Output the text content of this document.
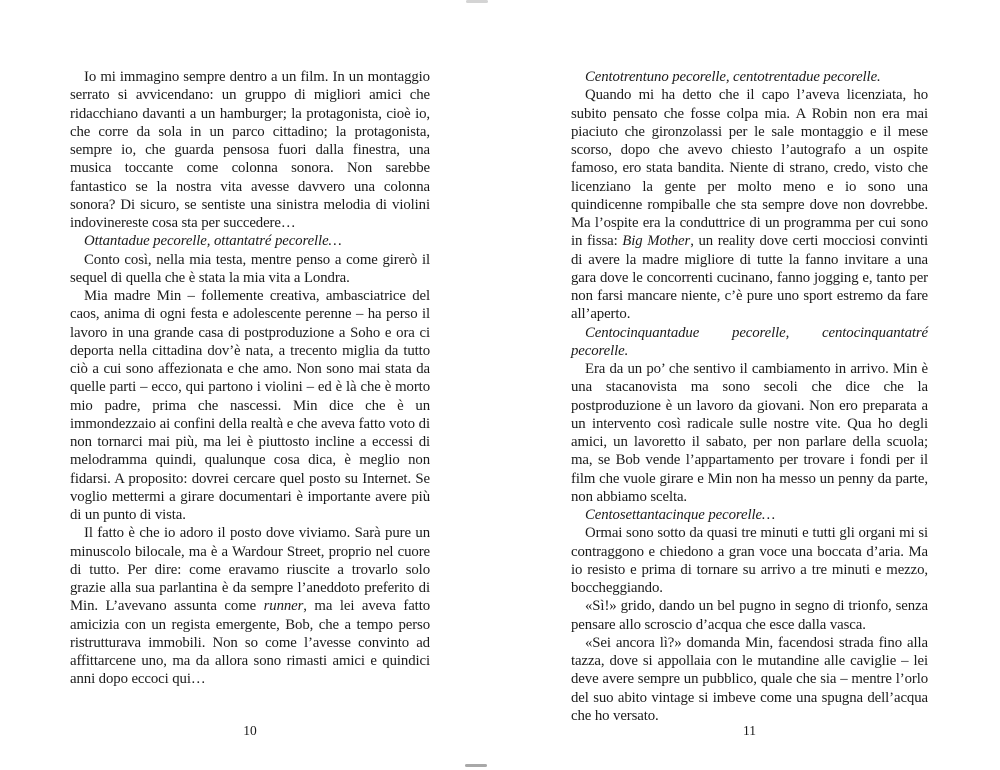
Io mi immagino sempre dentro a un film. In un montaggio serrato si avvicendano: un gruppo di migliori amici che ridacchiano davanti a un hamburger; la protagonista, cioè io, che corre da sola in un parco cittadino; la protagonista, sempre io, che guarda pensosa fuori dalla finestra, una musica toccante come colonna sonora. Non sarebbe fantastico se la nostra vita avesse davvero una colonna sonora? Di sicuro, se sentiste una sinistra melodia di violini indovinereste cosa sta per succedere…

Ottantadue pecorelle, ottantatré pecorelle…

Conto così, nella mia testa, mentre penso a come girerò il sequel di quella che è stata la mia vita a Londra.

Mia madre Min – follemente creativa, ambasciatrice del caos, anima di ogni festa e adolescente perenne – ha perso il lavoro in una grande casa di postproduzione a Soho e ora ci deporta nella cittadina dov’è nata, a trecento miglia da tutto ciò a cui sono affezionata e che amo. Non sono mai stata da quelle parti – ecco, qui partono i violini – ed è là che è morto mio padre, prima che nascessi. Min dice che è un immondezzaio ai confini della realtà e che aveva fatto voto di non tornarci mai più, ma lei è piuttosto incline a eccessi di melodramma quindi, qualunque cosa dica, è meglio non fidarsi. A proposito: dovrei cercare quel posto su Internet. Se voglio mettermi a girare documentari è importante avere più di un punto di vista.

Il fatto è che io adoro il posto dove viviamo. Sarà pure un minuscolo bilocale, ma è a Wardour Street, proprio nel cuore di tutto. Per dire: come eravamo riuscite a trovarlo solo grazie alla sua parlantina è da sempre l’aneddoto preferito di Min. L’avevano assunta come runner, ma lei aveva fatto amicizia con un regista emergente, Bob, che a tempo perso ristrutturava immobili. Non so come l’avesse convinto ad affittarcene uno, ma da allora sono rimasti amici e quindici anni dopo eccoci qui…

Centotrentuno pecorelle, centotrentadue pecorelle.

Quando mi ha detto che il capo l’aveva licenziata, ho subito pensato che fosse colpa mia. A Robin non era mai piaciuto che gironzolassi per le sale montaggio e il mese scorso, dopo che avevo chiesto l’autografo a un ospite famoso, ero stata bandita. Niente di strano, credo, visto che licenziano la gente per molto meno e io sono una quindicenne rompiballe che sta sempre dove non dovrebbe. Ma l’ospite era la conduttrice di un programma per cui sono in fissa: Big Mother, un reality dove certi mocciosi convinti di avere la madre migliore di tutte la fanno invitare a una gara dove le concorrenti cucinano, fanno jogging e, tanto per non farsi mancare niente, c’è pure uno sport estremo da fare all’aperto.

Centocinquantadue pecorelle, centocinquantatré pecorelle.

Era da un po’ che sentivo il cambiamento in arrivo. Min è una stacanovista ma sono secoli che dice che la postproduzione è un lavoro da giovani. Non ero preparata a un intervento così radicale sulle nostre vite. Qua ho degli amici, un lavoretto il sabato, per non parlare della scuola; ma, se Bob vende l’appartamento per trovare i fondi per il film che vuole girare e Min non ha messo un penny da parte, non abbiamo scelta.

Centosettantacinque pecorelle…

Ormai sono sotto da quasi tre minuti e tutti gli organi mi si contraggono e chiedono a gran voce una boccata d’aria. Ma io resisto e prima di tornare su arrivo a tre minuti e mezzo, boccheggiando.

«Sì!» grido, dando un bel pugno in segno di trionfo, senza pensare allo scroscio d’acqua che esce dalla vasca.

«Sei ancora lì?» domanda Min, facendosi strada fino alla tazza, dove si appollaia con le mutandine alle caviglie – lei deve avere sempre un pubblico, quale che sia – mentre l’orlo del suo abito vintage si imbeve come una spugna dell’acqua che ho versato.

10	11
